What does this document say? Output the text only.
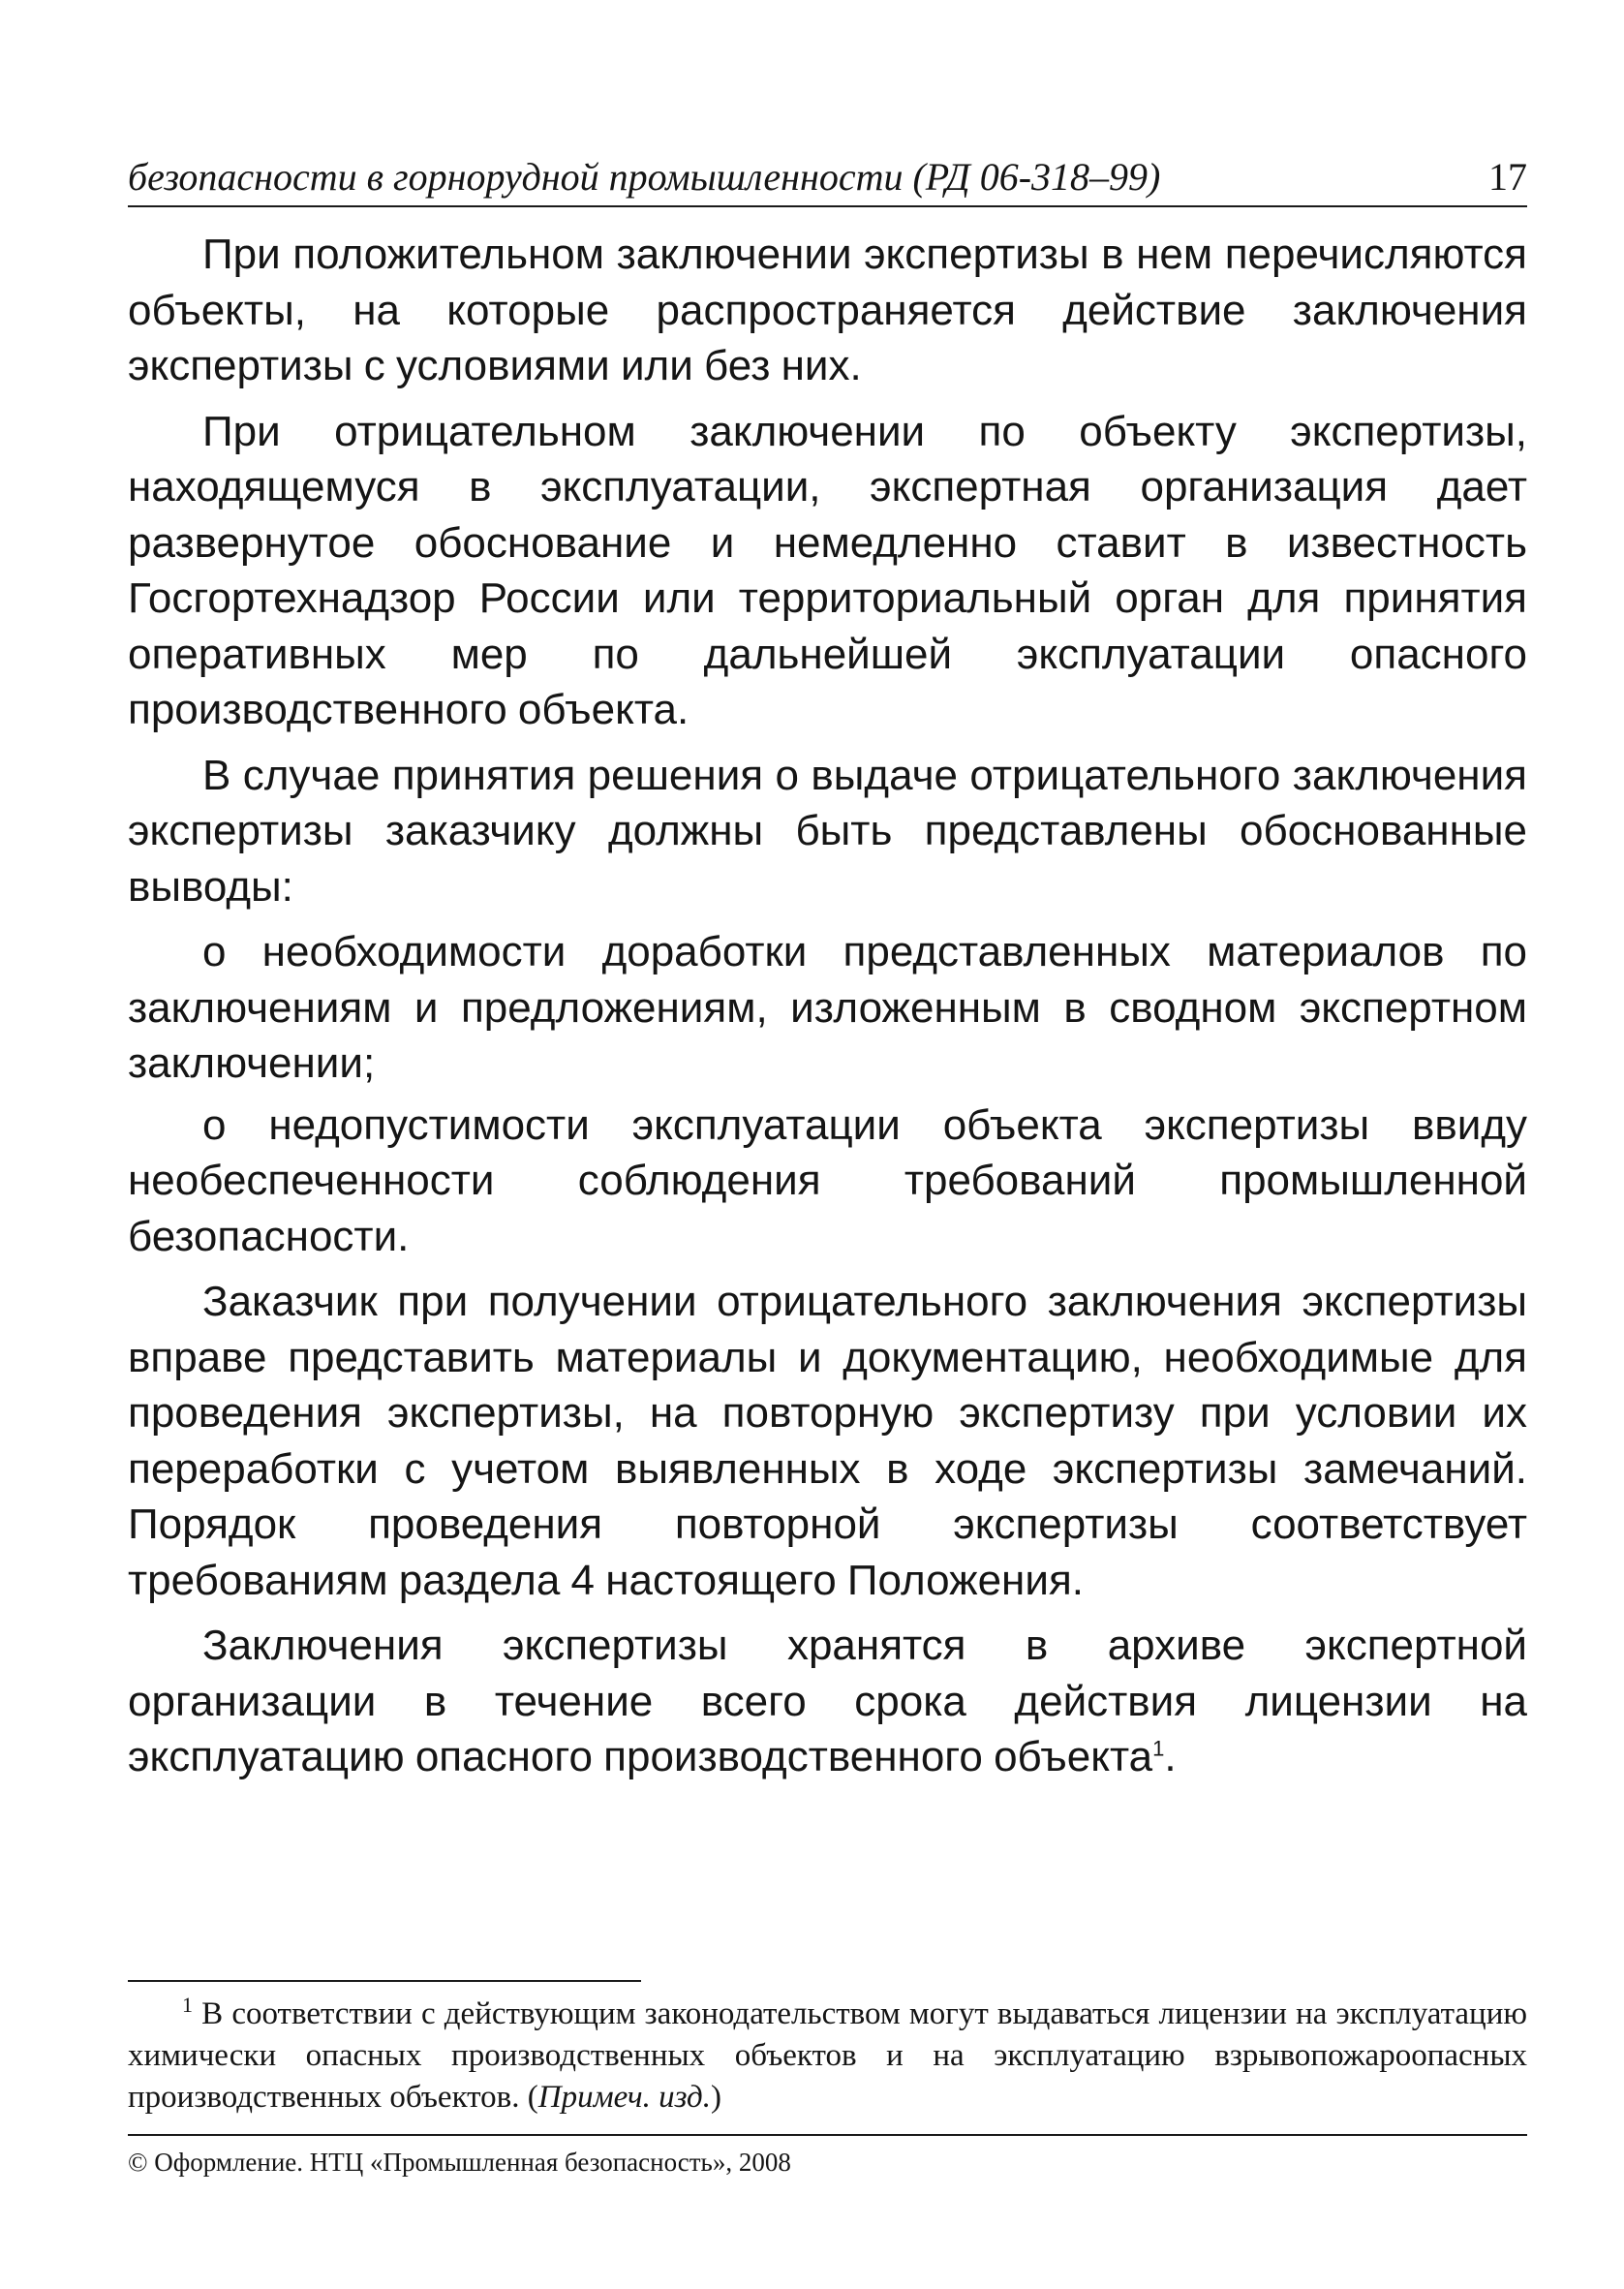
безопасности в горнорудной промышленности (РД 06-318–99)	17

При положительном заключении экспертизы в нем перечисляются объекты, на которые распространяется действие заключения экспертизы с условиями или без них.

При отрицательном заключении по объекту экспертизы, находящемуся в эксплуатации, экспертная организация дает развернутое обоснование и немедленно ставит в известность Госгортехнадзор России или территориальный орган для принятия оперативных мер по дальнейшей эксплуатации опасного производственного объекта.

В случае принятия решения о выдаче отрицательного заключения экспертизы заказчику должны быть представлены обоснованные выводы:

о необходимости доработки представленных материалов по заключениям и предложениям, изложенным в сводном экспертном заключении;

о недопустимости эксплуатации объекта экспертизы ввиду необеспеченности соблюдения требований промышленной безопасности.

Заказчик при получении отрицательного заключения экспертизы вправе представить материалы и документацию, необходимые для проведения экспертизы, на повторную экспертизу при условии их переработки с учетом выявленных в ходе экспертизы замечаний. Порядок проведения повторной экспертизы соответствует требованиям раздела 4 настоящего Положения.

Заключения экспертизы хранятся в архиве экспертной организации в течение всего срока действия лицензии на эксплуатацию опасного производственного объекта$^1$.

$^1$ В соответствии с действующим законодательством могут выдаваться лицензии на эксплуатацию химически опасных производственных объектов и на эксплуатацию взрывопожароопасных производственных объектов. (Примеч. изд.)

© Оформление. НТЦ «Промышленная безопасность», 2008
